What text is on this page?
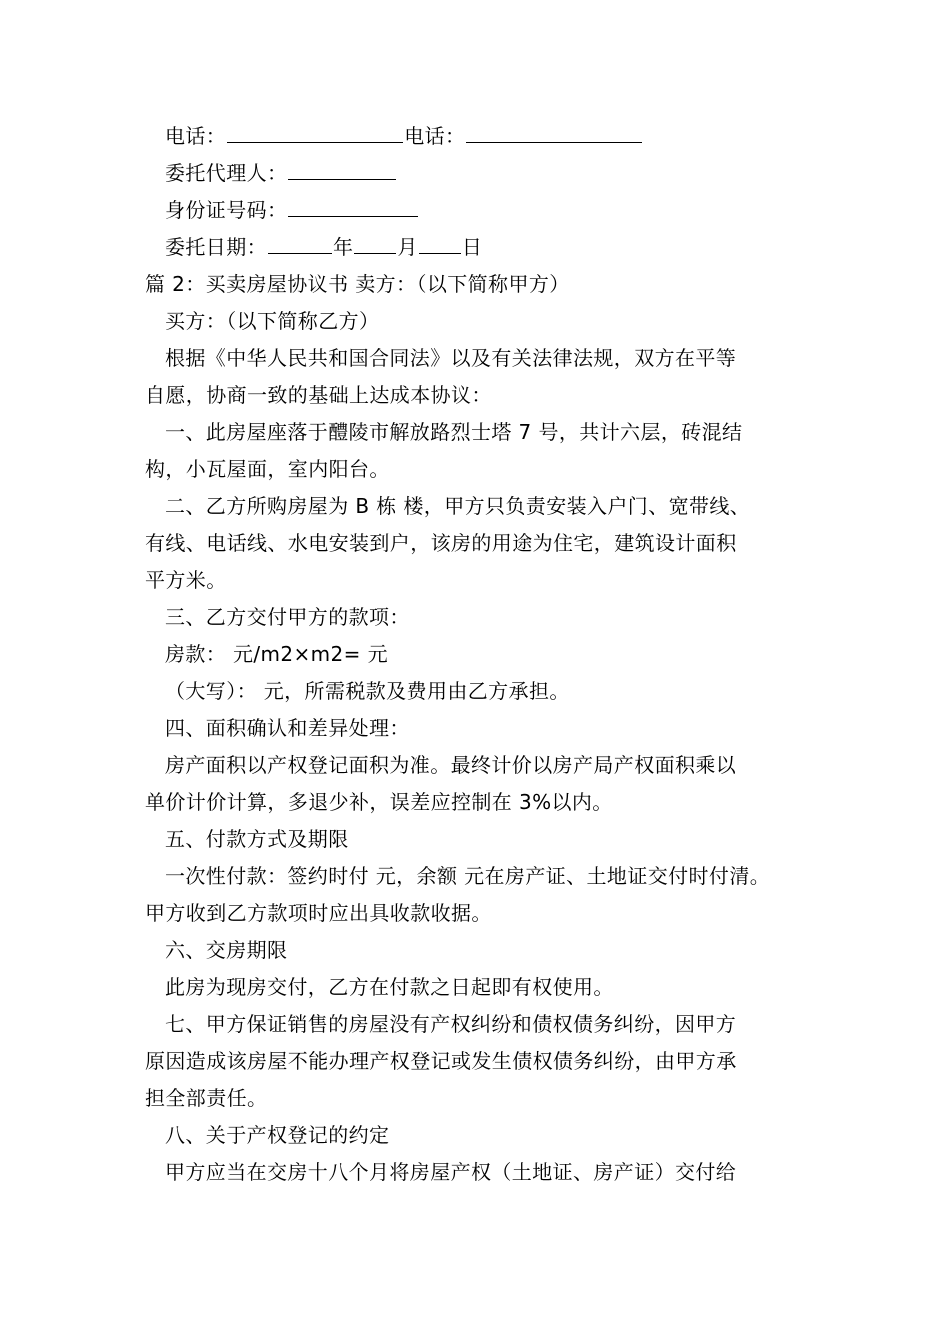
电话：	电话：
委托代理人：
身份证号码：
委托日期：	年 月 日
篇 2：买卖房屋协议书 卖方：（以下简称甲方）
买方：（以下简称乙方）
根据《中华人民共和国合同法》以及有关法律法规，双方在平等
自愿，协商一致的基础上达成本协议：
一、此房屋座落于醴陵市解放路烈士塔 7 号，共计六层，砖混结
构，小瓦屋面，室内阳台。
二、乙方所购房屋为 B 栋 楼，甲方只负责安装入户门、宽带线、
有线、电话线、水电安装到户，该房的用途为住宅，建筑设计面积
平方米。
三、乙方交付甲方的款项：
房款： 元/m2×m2= 元
（大写）： 元，所需税款及费用由乙方承担。
四、面积确认和差异处理：
房产面积以产权登记面积为准。最终计价以房产局产权面积乘以
单价计价计算，多退少补，误差应控制在 3%以内。
五、付款方式及期限
一次性付款：签约时付 元，余额 元在房产证、土地证交付时付清。
甲方收到乙方款项时应出具收款收据。
六、交房期限
此房为现房交付，乙方在付款之日起即有权使用。
七、甲方保证销售的房屋没有产权纠纷和债权债务纠纷，因甲方
原因造成该房屋不能办理产权登记或发生债权债务纠纷，由甲方承
担全部责任。
八、关于产权登记的约定
甲方应当在交房十八个月将房屋产权（土地证、房产证）交付给
